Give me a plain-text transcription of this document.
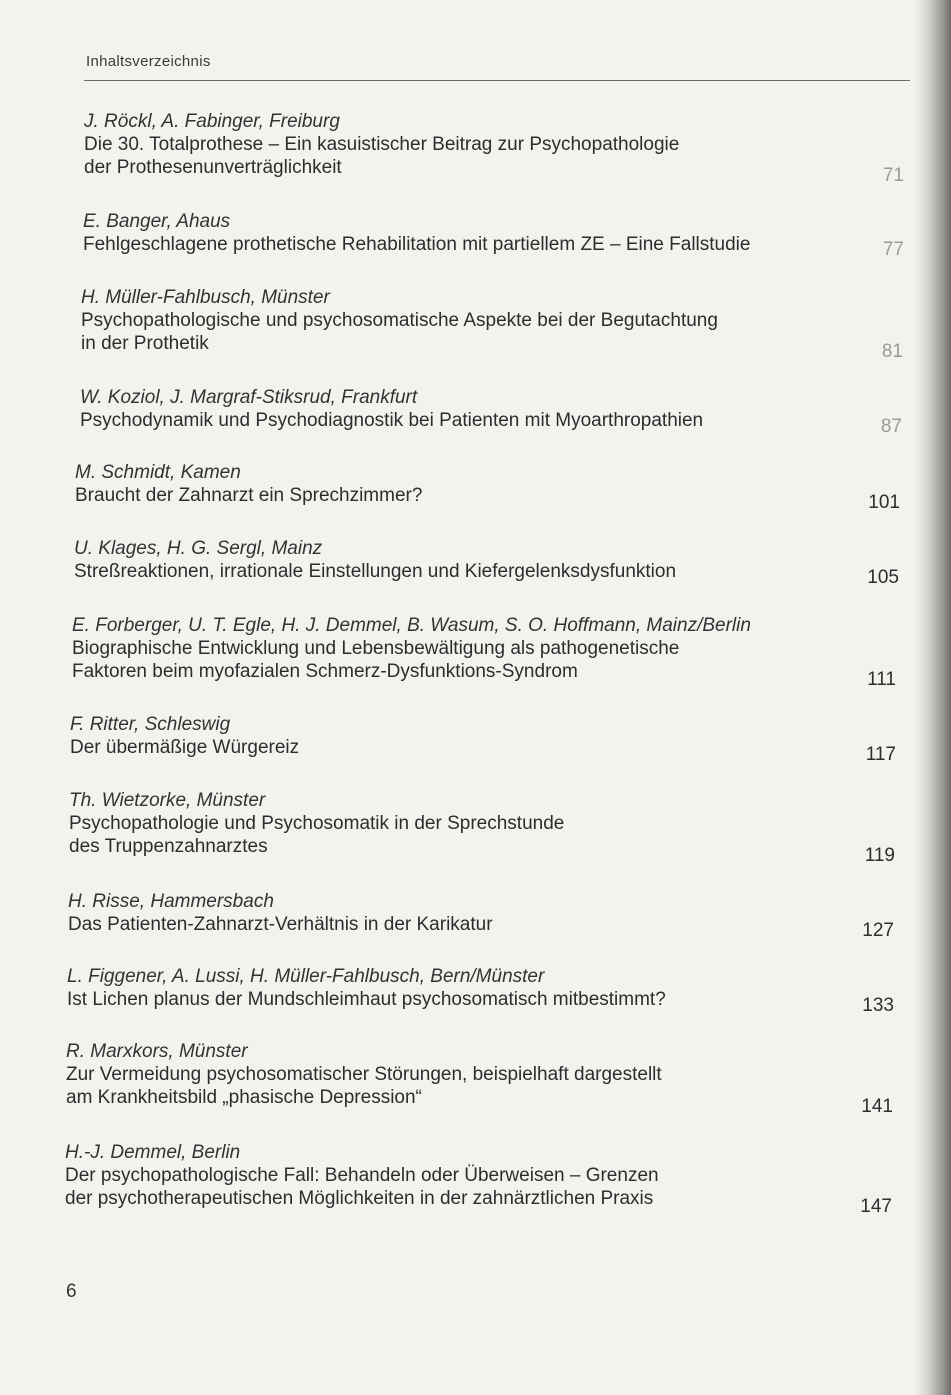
Inhaltsverzeichnis
J. Röckl, A. Fabinger, Freiburg
Die 30. Totalprothese – Ein kasuistischer Beitrag zur Psychopathologie
der Prothesenunverträglichkeit	71
E. Banger, Ahaus
Fehlgeschlagene prothetische Rehabilitation mit partiellem ZE – Eine Fallstudie	77
H. Müller-Fahlbusch, Münster
Psychopathologische und psychosomatische Aspekte bei der Begutachtung
in der Prothetik	81
W. Koziol, J. Margraf-Stiksrud, Frankfurt
Psychodynamik und Psychodiagnostik bei Patienten mit Myoarthropathien	87
M. Schmidt, Kamen
Braucht der Zahnarzt ein Sprechzimmer?	101
U. Klages, H. G. Sergl, Mainz
Streßreaktionen, irrationale Einstellungen und Kiefergelenksdysfunktion	105
E. Forberger, U. T. Egle, H. J. Demmel, B. Wasum, S. O. Hoffmann, Mainz/Berlin
Biographische Entwicklung und Lebensbewältigung als pathogenetische
Faktoren beim myofazialen Schmerz-Dysfunktions-Syndrom	111
F. Ritter, Schleswig
Der übermäßige Würgereiz	117
Th. Wietzorke, Münster
Psychopathologie und Psychosomatik in der Sprechstunde
des Truppenzahnarztes	119
H. Risse, Hammersbach
Das Patienten-Zahnarzt-Verhältnis in der Karikatur	127
L. Figgener, A. Lussi, H. Müller-Fahlbusch, Bern/Münster
Ist Lichen planus der Mundschleimhaut psychosomatisch mitbestimmt?	133
R. Marxkors, Münster
Zur Vermeidung psychosomatischer Störungen, beispielhaft dargestellt
am Krankheitsbild „phasische Depression“	141
H.-J. Demmel, Berlin
Der psychopathologische Fall: Behandeln oder Überweisen – Grenzen
der psychotherapeutischen Möglichkeiten in der zahnärztlichen Praxis	147
6
